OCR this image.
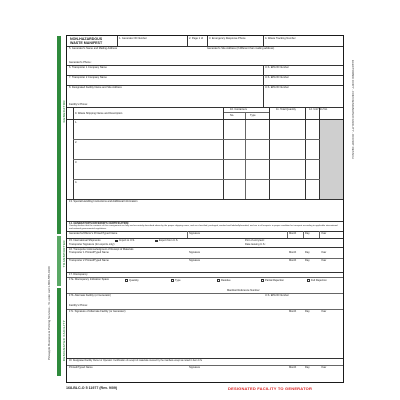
Pineapple Business & Printing Services - To order call 1-800-555-0100
ELECTRONIC COPY - FOR DESIGNATED FACILITY - DO NOT DETACH
GENERATOR
TRANSPORTER
DESIGNATED FACILITY
NON-HAZARDOUS
WASTE MANIFEST
1. Generator ID Number	2. Page 1 of 3. Emergency Response Phone	4. Waste Tracking Number
5. Generator's Name and Mailing Address	Generator's Site Address (if different than mailing address)
Generator's Phone:
6. Transporter 1 Company Name	U.S. EPA ID Number
7. Transporter 2 Company Name	U.S. EPA ID Number
8. Designated Facility Name and Site Address	U.S. EPA ID Number
Facility's Phone:
9. Waste Shipping Name and Description
10. Containers	11. Total Quantity	12. Unit Wt./Vol.
No.	Type
1.
2.
3.
4.
13. Special Handling Instructions and Additional Information
14. GENERATOR'S/OFFEROR'S CERTIFICATION:
I hereby declare that the contents of this consignment are fully and accurately described above by the proper shipping name, and are classified, packaged, marked and labeled/placarded, and are in all respects in proper condition for transport according to applicable international and national governmental regulations.
Generator's/Offeror's Printed/Typed Name	Signature	Month	Day	Year
15. International Shipments	Import to U.S.	Export from U.S.	Port of entry/exit:
Transporter Signature (for exports only):	Date leaving U.S.:
16. Transporter Acknowledgment of Receipt of Materials
Transporter 1 Printed/Typed Name	Signature	Month	Day	Year
Transporter 2 Printed/Typed Name	Signature	Month	Day	Year
17. Discrepancy
17a. Discrepancy Indication Space	Quantity	Type	Residue	Partial Rejection	Full Rejection
Manifest Reference Number:
17b. Alternate Facility (or Generator)	U.S. EPA ID Number
Facility's Phone:
17c. Signature of Alternate Facility (or Generator)	Month	Day	Year
18. Designated Facility Owner or Operator: Certification of receipt of materials covered by the manifest except as noted in Item 17a
Printed/Typed Name	Signature	Month	Day	Year
168-BLC-O 5 11977 (Rev. 9/09)	DESIGNATED FACILITY TO GENERATOR
